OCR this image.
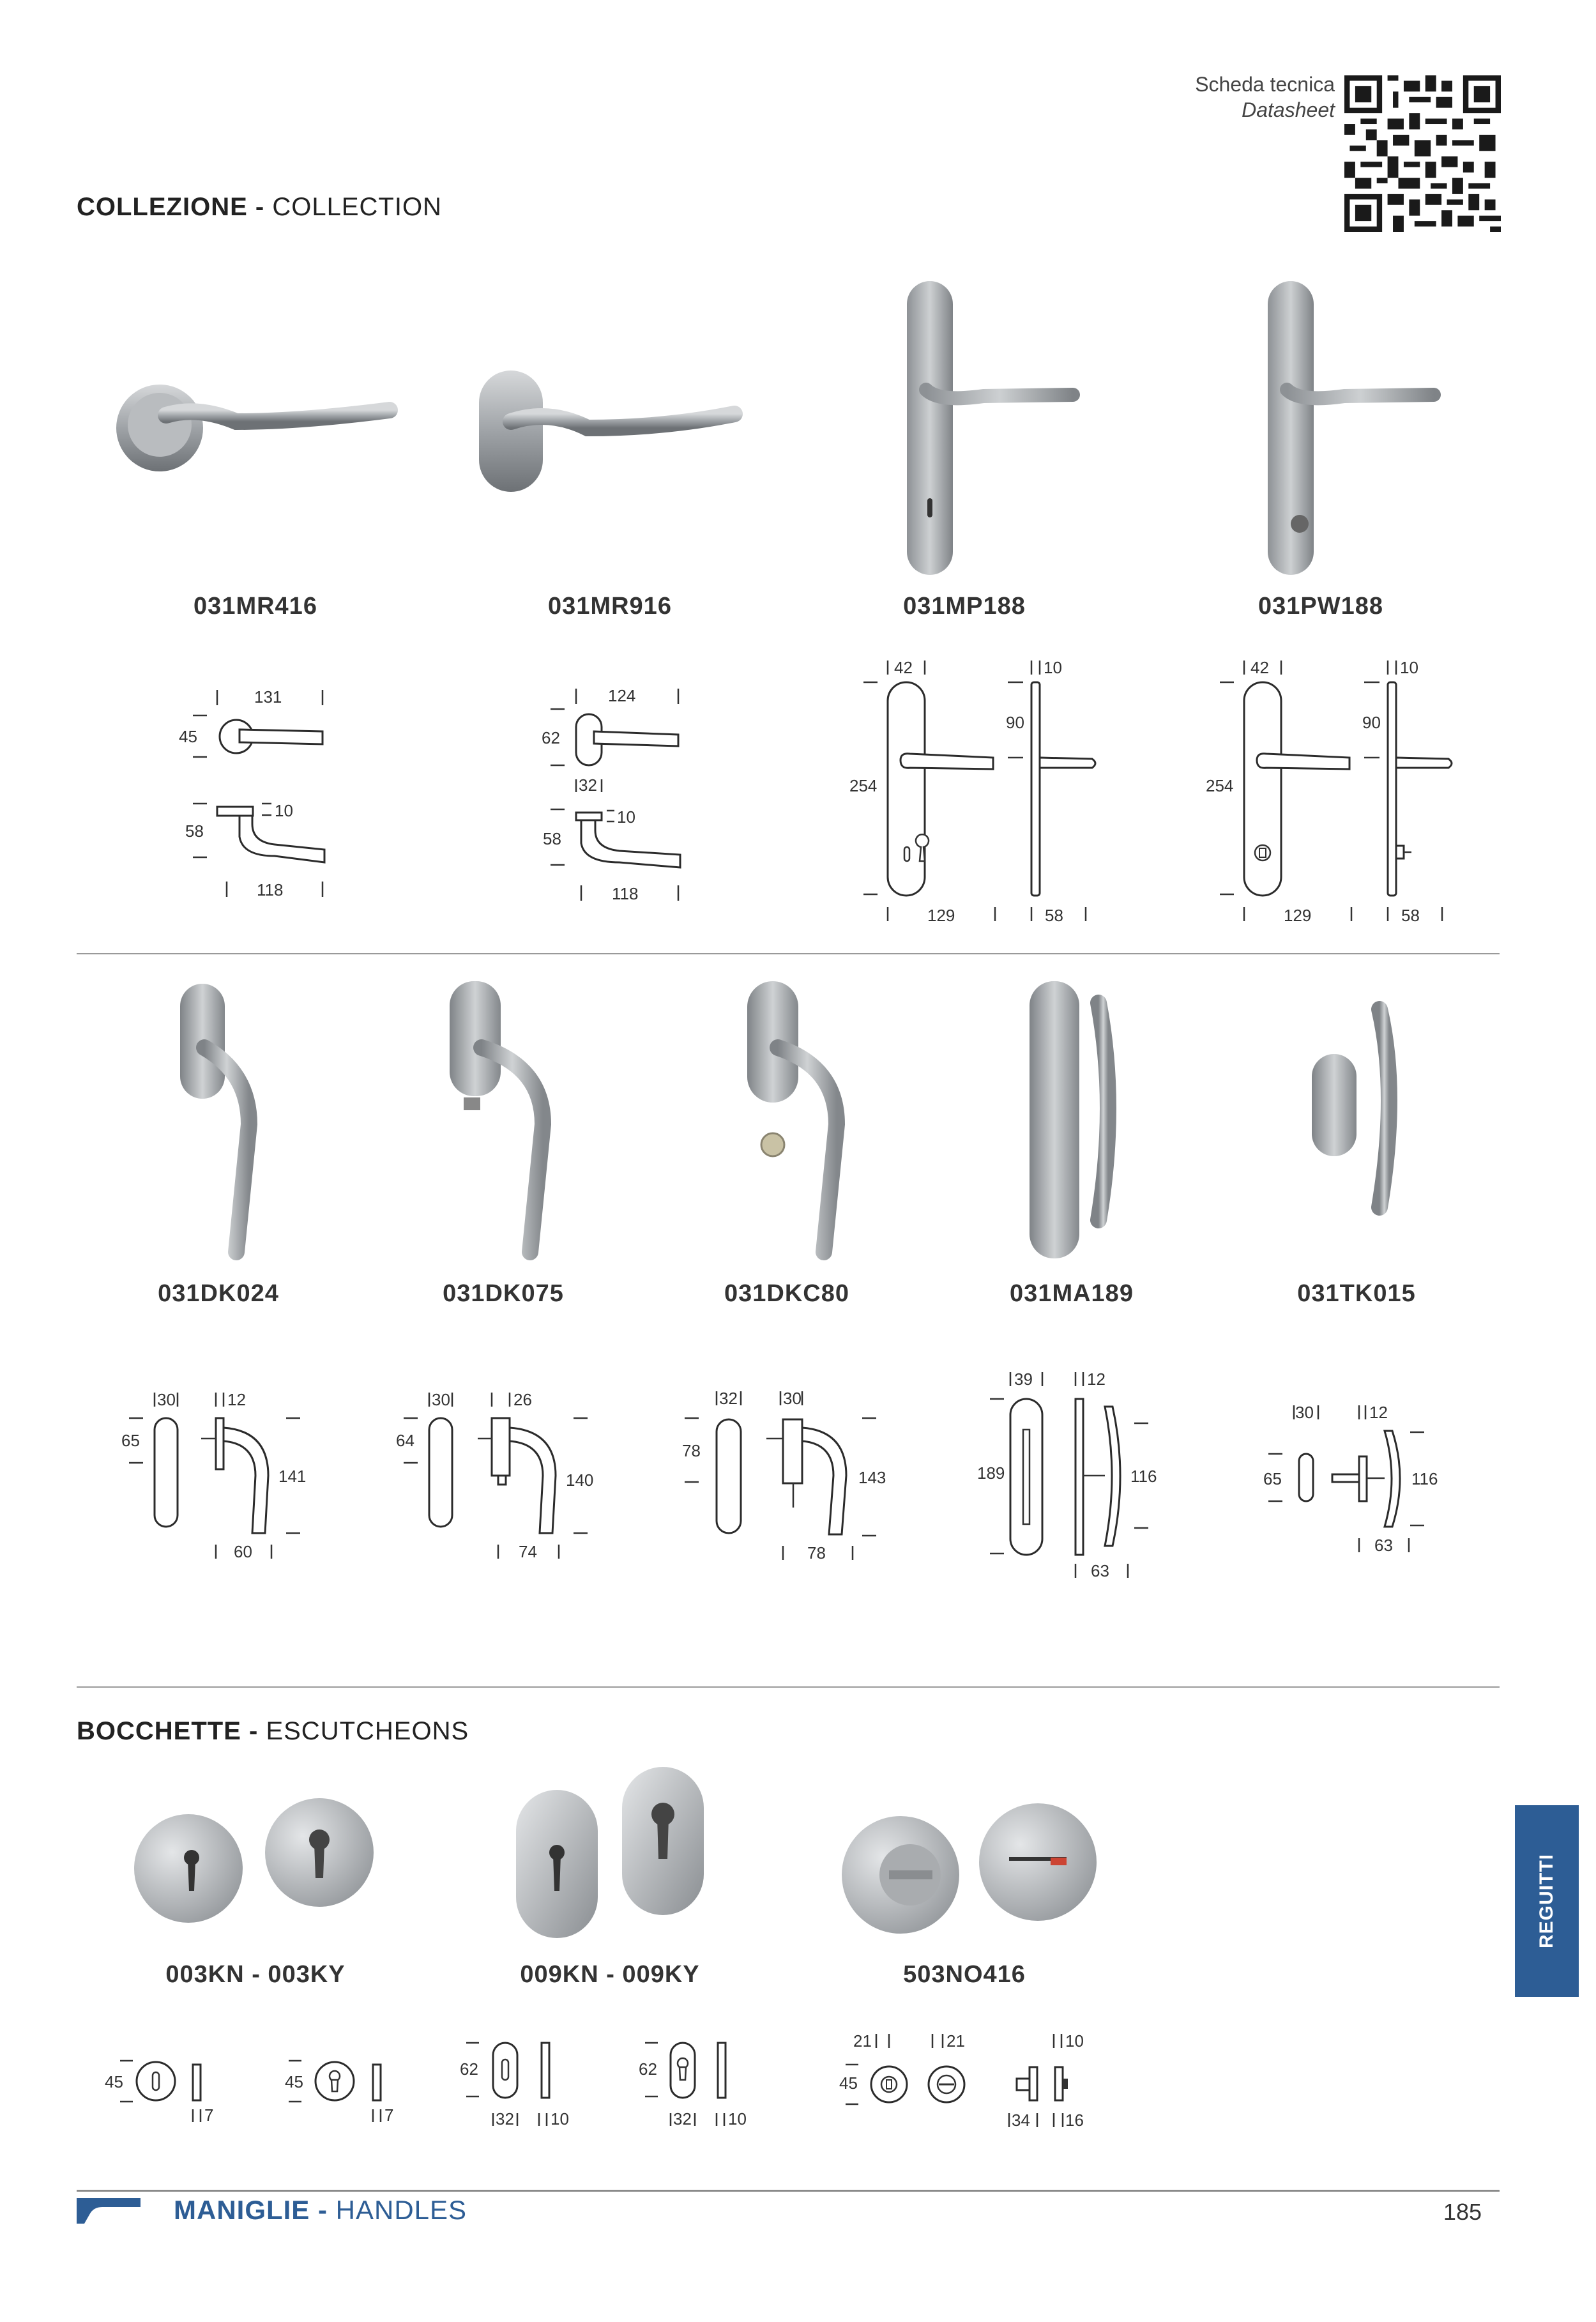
Scheda tecnica
Datasheet
COLLEZIONE - COLLECTION
031MR416	031MR916	031MP188	031PW188
131
45
10
58
118
124
62
32
10
58
118
42	10
254
90
129	58
42	10
254
90
129	58
031DK024	031DK075	031DKC80	031MA189	031TK015
30	12
65
141
60
30	26
64
140
74
32	30
78
143
78
39	12
189	116
63
30	12
65	116
63
BOCCHETTE - ESCUTCHEONS
003KN - 003KY	009KN - 009KY	503NO416
45
7
45
7
62
32 10
62
32 10
21	21	10
45
34 16
REGUITTI
MANIGLIE - HANDLES	185
